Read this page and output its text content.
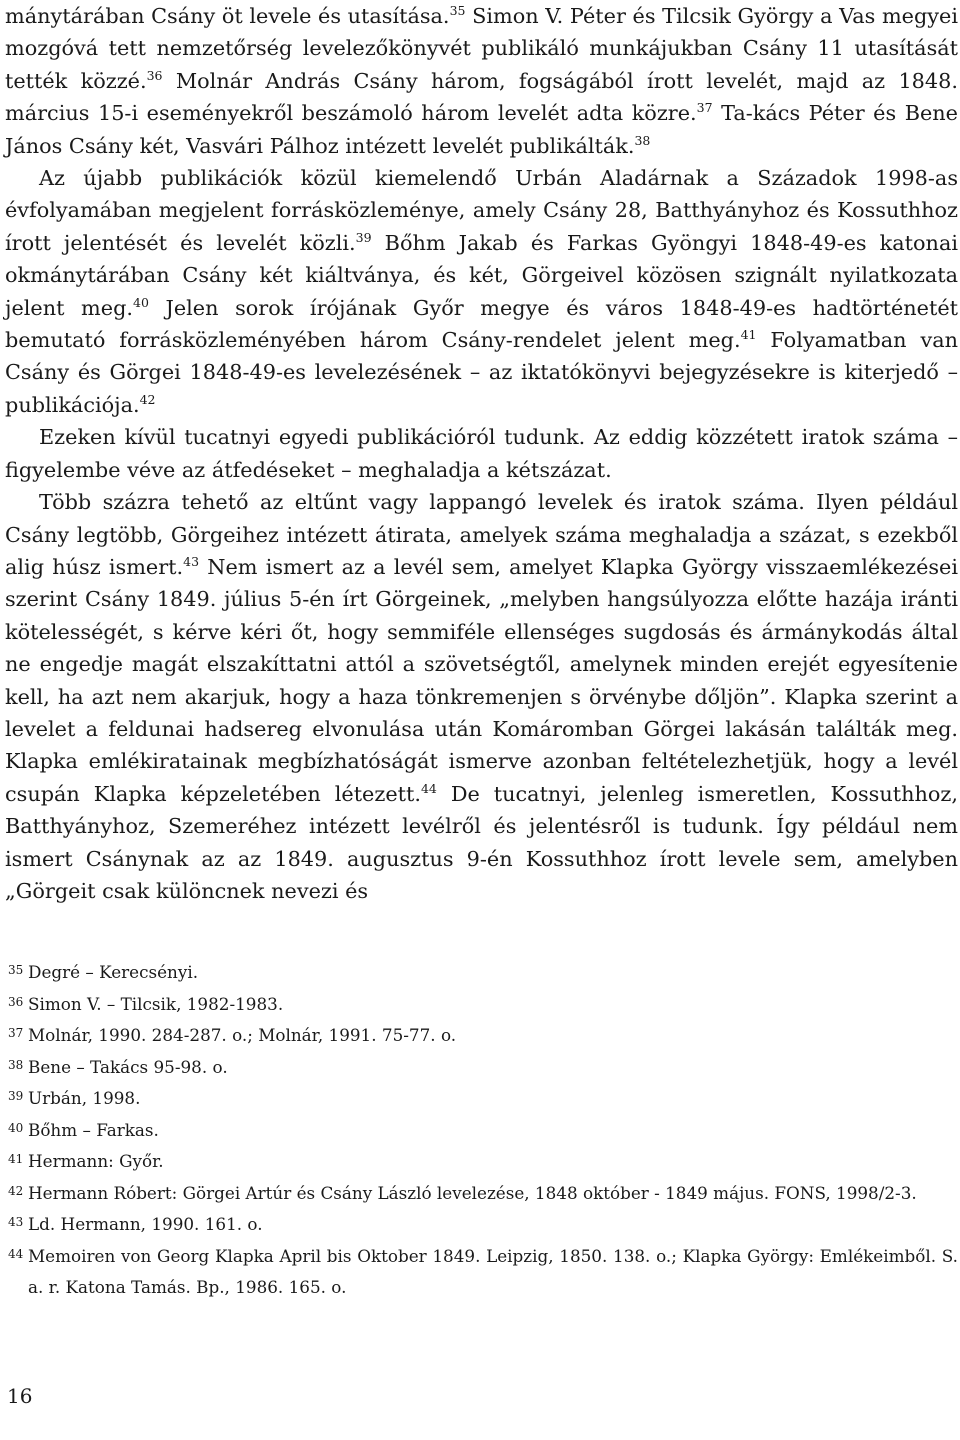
mánytárában Csány öt levele és utasítása.$^{35}$ Simon V. Péter és Tilcsik György a Vas megyei mozgóvá tett nemzetőrség levelezőkönyvét publikáló munkájukban Csány 11 utasítását tették közzé.$^{36}$ Molnár András Csány három, fogságából írott levelét, majd az 1848. március 15-i eseményekről beszámoló három levelét adta közre.$^{37}$ Ta-kács Péter és Bene János Csány két, Vasvári Pálhoz intézett levelét publikálták.$^{38}$

Az újabb publikációk közül kiemelendő Urbán Aladárnak a Századok 1998-as évfolyamában megjelent forrásközleménye, amely Csány 28, Batthyányhoz és Kossuthhoz írott jelentését és levelét közli.$^{39}$ Bőhm Jakab és Farkas Gyöngyi 1848-49-es katonai okmánytárában Csány két kiáltványa, és két, Görgeivel közösen szignált nyilatkozata jelent meg.$^{40}$ Jelen sorok írójának Győr megye és város 1848-49-es hadtörténetét bemutató forrásközleményében három Csány-rendelet jelent meg.$^{41}$ Folyamatban van Csány és Görgei 1848-49-es levelezésének – az iktatókönyvi bejegyzésekre is kiterjedő – publikációja.$^{42}$

Ezeken kívül tucatnyi egyedi publikációról tudunk. Az eddig közzétett iratok száma – figyelembe véve az átfedéseket – meghaladja a kétszázat.

Több százra tehető az eltűnt vagy lappangó levelek és iratok száma. Ilyen például Csány legtöbb, Görgeihez intézett átirata, amelyek száma meghaladja a százat, s ezekből alig húsz ismert.$^{43}$ Nem ismert az a levél sem, amelyet Klapka György visszaemlékezései szerint Csány 1849. július 5-én írt Görgeinek, „melyben hangsúlyozza előtte hazája iránti kötelességét, s kérve kéri őt, hogy semmiféle ellenséges sugdosás és ármánykodás által ne engedje magát elszakíttatni attól a szövetségtől, amelynek minden erejét egyesítenie kell, ha azt nem akarjuk, hogy a haza tönkremenjen s örvénybe dőljön”. Klapka szerint a levelet a feldunai hadsereg elvonulása után Komáromban Görgei lakásán találták meg. Klapka emlékiratainak megbízhatóságát ismerve azonban feltételezhetjük, hogy a levél csupán Klapka képzeletében létezett.$^{44}$ De tucatnyi, jelenleg ismeretlen, Kossuthhoz, Batthyányhoz, Szemeréhez intézett levélről és jelentésről is tudunk. Így például nem ismert Csánynak az az 1849. augusztus 9-én Kossuthhoz írott levele sem, amelyben „Görgeit csak különcnek nevezi és

35 Degré – Kerecsényi.
36 Simon V. – Tilcsik, 1982-1983.
37 Molnár, 1990. 284-287. o.; Molnár, 1991. 75-77. o.
38 Bene – Takács 95-98. o.
39 Urbán, 1998.
40 Bőhm – Farkas.
41 Hermann: Győr.
42 Hermann Róbert: Görgei Artúr és Csány László levelezése, 1848 október - 1849 május. FONS, 1998/2-3.
43 Ld. Hermann, 1990. 161. o.
44 Memoiren von Georg Klapka April bis Oktober 1849. Leipzig, 1850. 138. o.; Klapka György: Emlékeimből. S. a. r. Katona Tamás. Bp., 1986. 165. o.
16
